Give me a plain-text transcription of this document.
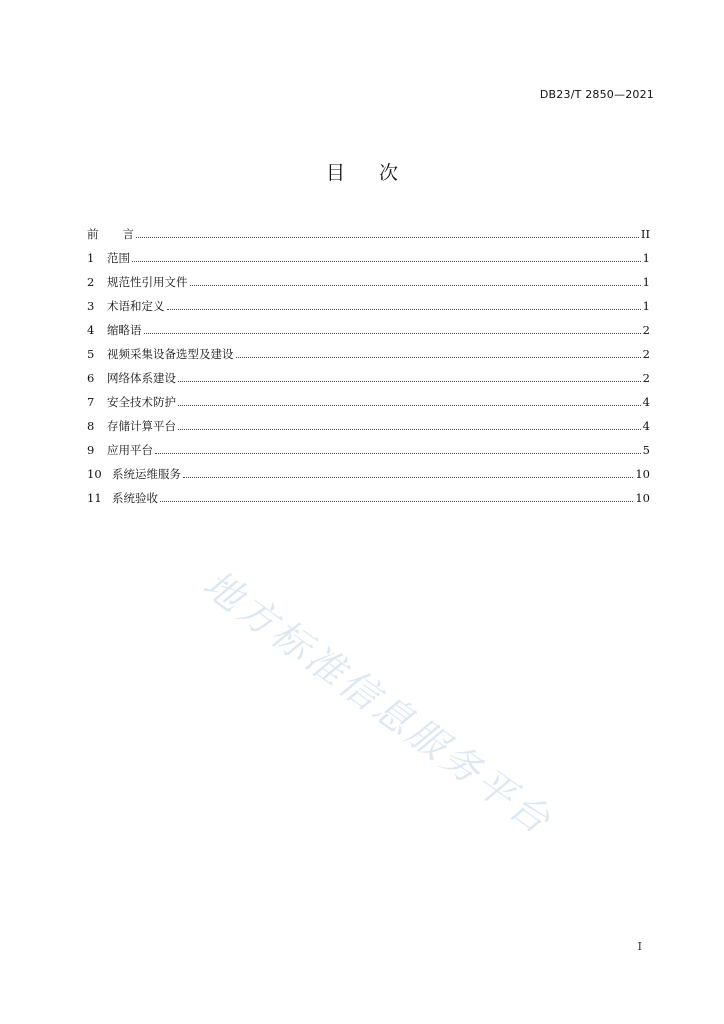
DB23/T 2850—2021
目 次
前 言	II
1	范围	1
2	规范性引用文件	1
3	术语和定义	1
4	缩略语	2
5	视频采集设备选型及建设	2
6	网络体系建设	2
7	安全技术防护	4
8	存储计算平台	4
9	应用平台	5
10 系统运维服务	10
11 系统验收	10
地方标准信息服务平台
I
